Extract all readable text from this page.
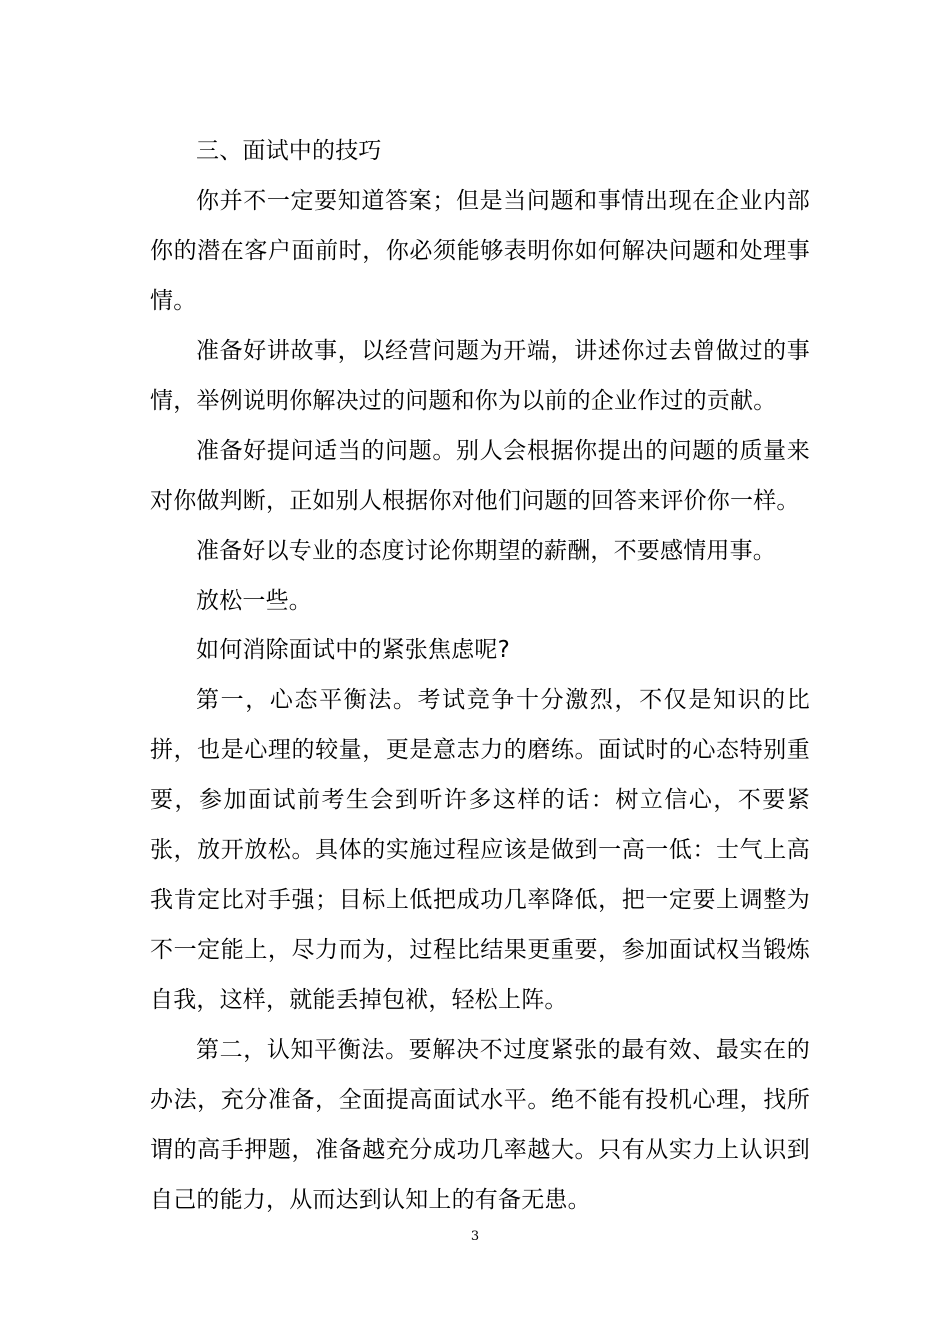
三、面试中的技巧

你并不一定要知道答案；但是当问题和事情出现在企业内部你的潜在客户面前时，你必须能够表明你如何解决问题和处理事情。

准备好讲故事，以经营问题为开端，讲述你过去曾做过的事情，举例说明你解决过的问题和你为以前的企业作过的贡献。

准备好提问适当的问题。别人会根据你提出的问题的质量来对你做判断，正如别人根据你对他们问题的回答来评价你一样。

准备好以专业的态度讨论你期望的薪酬，不要感情用事。

放松一些。

如何消除面试中的紧张焦虑呢?

第一，心态平衡法。考试竞争十分激烈，不仅是知识的比拼，也是心理的较量，更是意志力的磨练。面试时的心态特别重要，参加面试前考生会到听许多这样的话：树立信心，不要紧张，放开放松。具体的实施过程应该是做到一高一低：士气上高我肯定比对手强；目标上低把成功几率降低，把一定要上调整为不一定能上，尽力而为，过程比结果更重要，参加面试权当锻炼自我，这样，就能丢掉包袱，轻松上阵。

第二，认知平衡法。要解决不过度紧张的最有效、最实在的办法，充分准备，全面提高面试水平。绝不能有投机心理，找所谓的高手押题，准备越充分成功几率越大。只有从实力上认识到自己的能力，从而达到认知上的有备无患。

3
